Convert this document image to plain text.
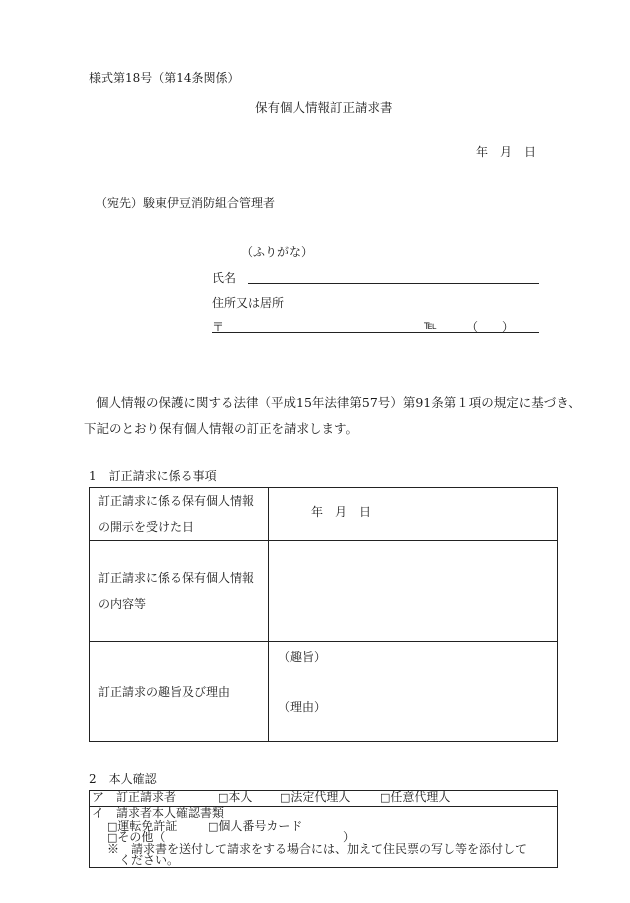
様式第18号（第14条関係）
保有個人情報訂正請求書
年　月　日
（宛先）駿東伊豆消防組合管理者
（ふりがな）
氏名
住所又は居所
〒	℡ （　　）
個人情報の保護に関する法律（平成15年法律第57号）第91条第１項の規定に基づき、
下記のとおり保有個人情報の訂正を請求します。
1　訂正請求に係る事項
訂正請求に係る保有個人情報
の開示を受けた日	年　月　日

訂正請求に係る保有個人情報
の内容等	

訂正請求の趣旨及び理由	（趣旨）
（理由）
2　本人確認
ア　訂正請求者	□本人	□法定代理人	□任意代理人
イ　請求者本人確認書類
□運転免許証	□個人番号カード
□その他（	）
※　請求書を送付して請求をする場合には、加えて住民票の写し等を添付して
ください。
